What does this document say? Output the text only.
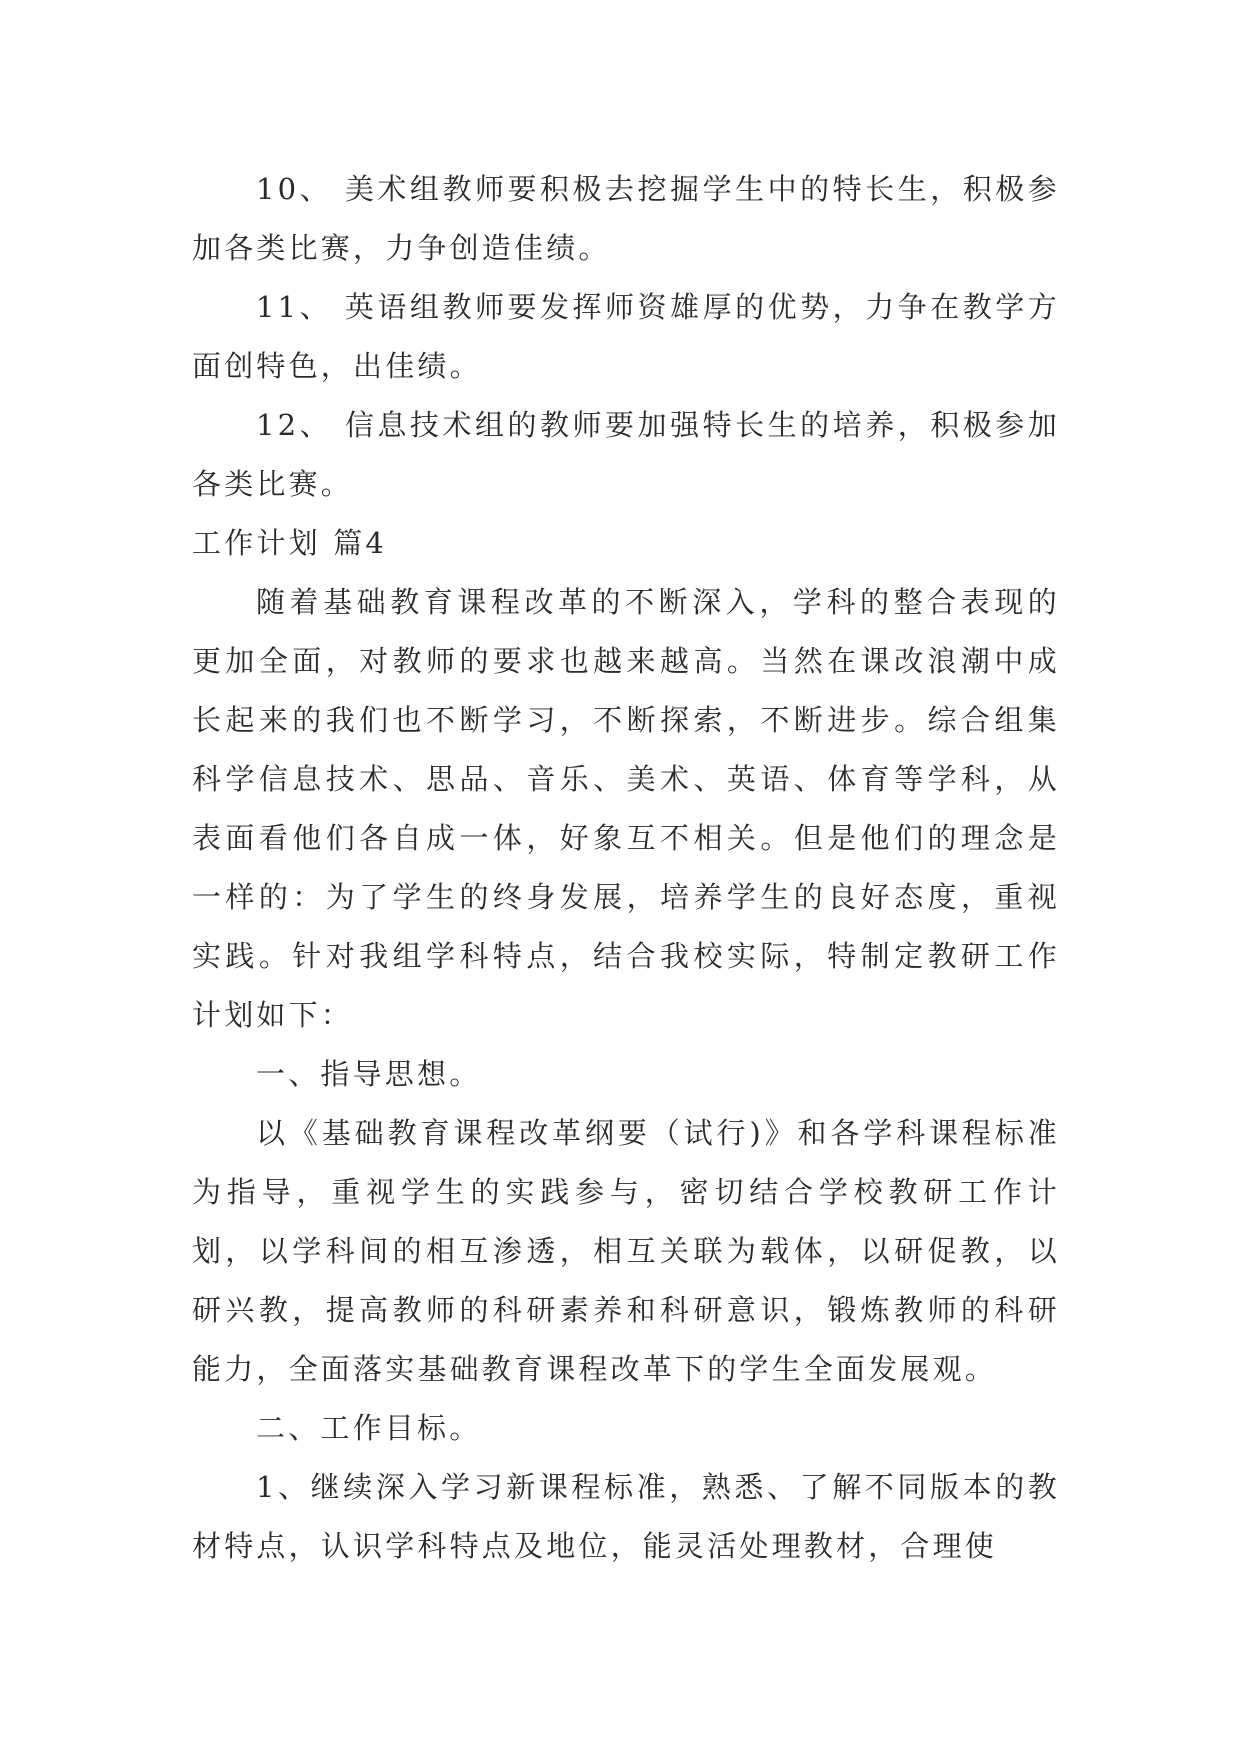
10、 美术组教师要积极去挖掘学生中的特长生，积极参加各类比赛，力争创造佳绩。

11、 英语组教师要发挥师资雄厚的优势，力争在教学方面创特色，出佳绩。

12、 信息技术组的教师要加强特长生的培养，积极参加各类比赛。

工作计划 篇4

随着基础教育课程改革的不断深入，学科的整合表现的更加全面，对教师的要求也越来越高。当然在课改浪潮中成长起来的我们也不断学习，不断探索，不断进步。综合组集科学信息技术、思品、音乐、美术、英语、体育等学科，从表面看他们各自成一体，好象互不相关。但是他们的理念是一样的：为了学生的终身发展，培养学生的良好态度，重视实践。针对我组学科特点，结合我校实际，特制定教研工作计划如下：

一、指导思想。

以《基础教育课程改革纲要（试行)》和各学科课程标准为指导，重视学生的实践参与，密切结合学校教研工作计划，以学科间的相互渗透，相互关联为载体，以研促教，以研兴教，提高教师的科研素养和科研意识，锻炼教师的科研能力，全面落实基础教育课程改革下的学生全面发展观。

二、工作目标。

1、继续深入学习新课程标准，熟悉、了解不同版本的教材特点，认识学科特点及地位，能灵活处理教材，合理使
